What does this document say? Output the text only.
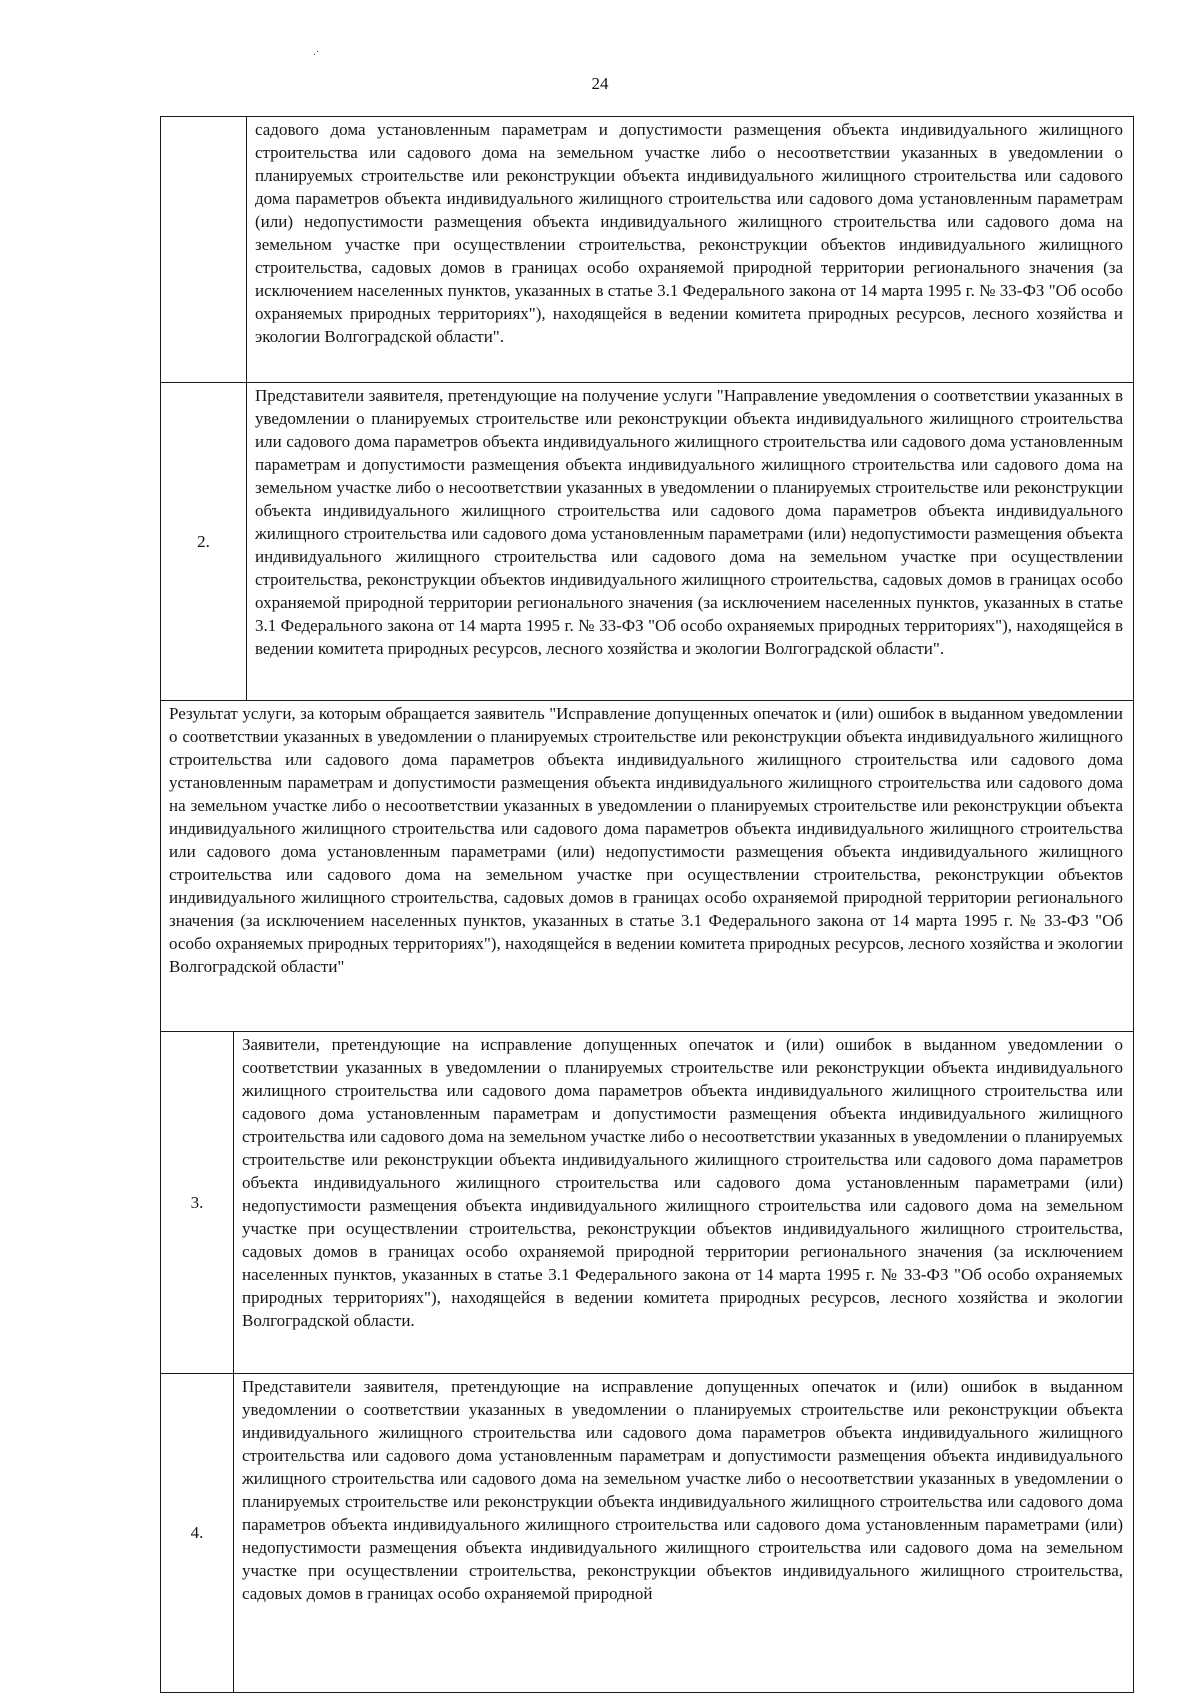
.·
24
садового дома установленным параметрам и допустимости размещения объекта индивидуального жилищного строительства или садового дома на земельном участке либо о несоответствии указанных в уведомлении о планируемых строительстве или реконструкции объекта индивидуального жилищного строительства или садового дома параметров объекта индивидуального жилищного строительства или садового дома установленным параметрам (или) недопустимости размещения объекта индивидуального жилищного строительства или садового дома на земельном участке при осуществлении строительства, реконструкции объектов индивидуального жилищного строительства, садовых домов в границах особо охраняемой природной территории регионального значения (за исключением населенных пунктов, указанных в статье 3.1 Федерального закона от 14 марта 1995 г. № 33-ФЗ "Об особо охраняемых природных территориях"), находящейся в ведении комитета природных ресурсов, лесного хозяйства и экологии Волгоградской области".
2.
Представители заявителя, претендующие на получение услуги "Направление уведомления о соответствии указанных в уведомлении о планируемых строительстве или реконструкции объекта индивидуального жилищного строительства или садового дома параметров объекта индивидуального жилищного строительства или садового дома установленным параметрам и допустимости размещения объекта индивидуального жилищного строительства или садового дома на земельном участке либо о несоответствии указанных в уведомлении о планируемых строительстве или реконструкции объекта индивидуального жилищного строительства или садового дома параметров объекта индивидуального жилищного строительства или садового дома установленным параметрами (или) недопустимости размещения объекта индивидуального жилищного строительства или садового дома на земельном участке при осуществлении строительства, реконструкции объектов индивидуального жилищного строительства, садовых домов в границах особо охраняемой природной территории регионального значения (за исключением населенных пунктов, указанных в статье 3.1 Федерального закона от 14 марта 1995 г. № 33-ФЗ "Об особо охраняемых природных территориях"), находящейся в ведении комитета природных ресурсов, лесного хозяйства и экологии Волгоградской области".
Результат услуги, за которым обращается заявитель "Исправление допущенных опечаток и (или) ошибок в выданном уведомлении о соответствии указанных в уведомлении о планируемых строительстве или реконструкции объекта индивидуального жилищного строительства или садового дома параметров объекта индивидуального жилищного строительства или садового дома установленным параметрам и допустимости размещения объекта индивидуального жилищного строительства или садового дома на земельном участке либо о несоответствии указанных в уведомлении о планируемых строительстве или реконструкции объекта индивидуального жилищного строительства или садового дома параметров объекта индивидуального жилищного строительства или садового дома установленным параметрами (или) недопустимости размещения объекта индивидуального жилищного строительства или садового дома на земельном участке при осуществлении строительства, реконструкции объектов индивидуального жилищного строительства, садовых домов в границах особо охраняемой природной территории регионального значения (за исключением населенных пунктов, указанных в статье 3.1 Федерального закона от 14 марта 1995 г. № 33-ФЗ "Об особо охраняемых природных территориях"), находящейся в ведении комитета природных ресурсов, лесного хозяйства и экологии Волгоградской области"
3.
Заявители, претендующие на исправление допущенных опечаток и (или) ошибок в выданном уведомлении о соответствии указанных в уведомлении о планируемых строительстве или реконструкции объекта индивидуального жилищного строительства или садового дома параметров объекта индивидуального жилищного строительства или садового дома установленным параметрам и допустимости размещения объекта индивидуального жилищного строительства или садового дома на земельном участке либо о несоответствии указанных в уведомлении о планируемых строительстве или реконструкции объекта индивидуального жилищного строительства или садового дома параметров объекта индивидуального жилищного строительства или садового дома установленным параметрами (или) недопустимости размещения объекта индивидуального жилищного строительства или садового дома на земельном участке при осуществлении строительства, реконструкции объектов индивидуального жилищного строительства, садовых домов в границах особо охраняемой природной территории регионального значения (за исключением населенных пунктов, указанных в статье 3.1 Федерального закона от 14 марта 1995 г. № 33-ФЗ "Об особо охраняемых природных территориях"), находящейся в ведении комитета природных ресурсов, лесного хозяйства и экологии Волгоградской области.
4.
Представители заявителя, претендующие на исправление допущенных опечаток и (или) ошибок в выданном уведомлении о соответствии указанных в уведомлении о планируемых строительстве или реконструкции объекта индивидуального жилищного строительства или садового дома параметров объекта индивидуального жилищного строительства или садового дома установленным параметрам и допустимости размещения объекта индивидуального жилищного строительства или садового дома на земельном участке либо о несоответствии указанных в уведомлении о планируемых строительстве или реконструкции объекта индивидуального жилищного строительства или садового дома параметров объекта индивидуального жилищного строительства или садового дома установленным параметрами (или) недопустимости размещения объекта индивидуального жилищного строительства или садового дома на земельном участке при осуществлении строительства, реконструкции объектов индивидуального жилищного строительства, садовых домов в границах особо охраняемой природной
